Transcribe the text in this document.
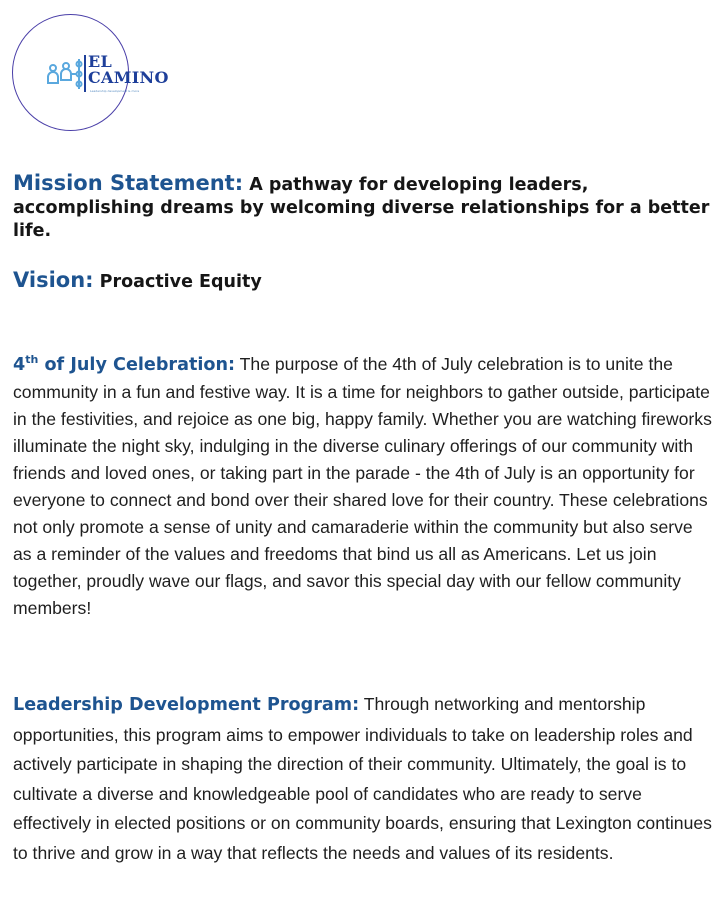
EL
CAMINO
Leadership development & more
Mission Statement: A pathway for developing leaders, accomplishing dreams by welcoming diverse relationships for a better life.
Vision: Proactive Equity
4th of July Celebration: The purpose of the 4th of July celebration is to unite the community in a fun and festive way. It is a time for neighbors to gather outside, participate in the festivities, and rejoice as one big, happy family. Whether you are watching fireworks illuminate the night sky, indulging in the diverse culinary offerings of our community with friends and loved ones, or taking part in the parade - the 4th of July is an opportunity for everyone to connect and bond over their shared love for their country. These celebrations not only promote a sense of unity and camaraderie within the community but also serve as a reminder of the values and freedoms that bind us all as Americans. Let us join together, proudly wave our flags, and savor this special day with our fellow community members!
Leadership Development Program: Through networking and mentorship opportunities, this program aims to empower individuals to take on leadership roles and actively participate in shaping the direction of their community. Ultimately, the goal is to cultivate a diverse and knowledgeable pool of candidates who are ready to serve effectively in elected positions or on community boards, ensuring that Lexington continues to thrive and grow in a way that reflects the needs and values of its residents.
